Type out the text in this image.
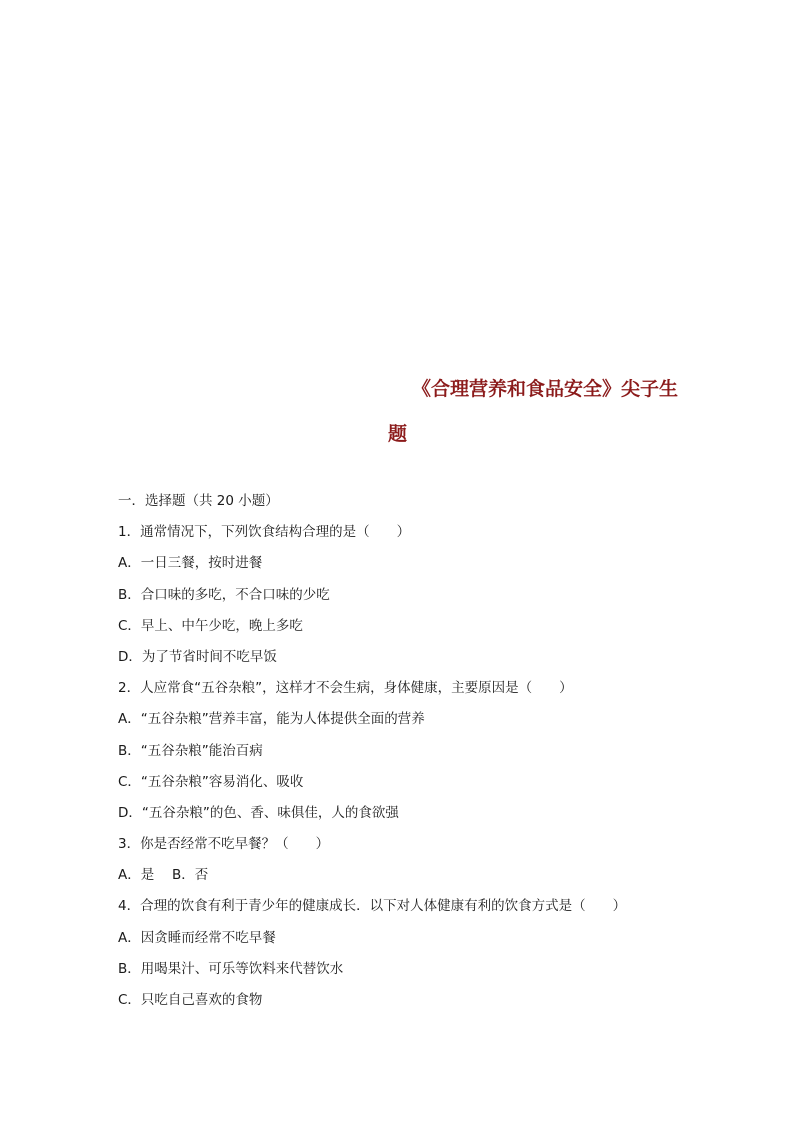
《合理营养和食品安全》尖子生
题
一．选择题（共 20 小题）
1．通常情况下，下列饮食结构合理的是（　　）
A．一日三餐，按时进餐
B．合口味的多吃，不合口味的少吃
C．早上、中午少吃，晚上多吃
D．为了节省时间不吃早饭
2．人应常食“五谷杂粮”，这样才不会生病，身体健康，主要原因是（　　）
A．“五谷杂粮”营养丰富，能为人体提供全面的营养
B．“五谷杂粮”能治百病
C．“五谷杂粮”容易消化、吸收
D．“五谷杂粮”的色、香、味俱佳，人的食欲强
3．你是否经常不吃早餐？（　　）
A．是　 B．否
4．合理的饮食有利于青少年的健康成长．以下对人体健康有利的饮食方式是（　　）
A．因贪睡而经常不吃早餐
B．用喝果汁、可乐等饮料来代替饮水
C．只吃自己喜欢的食物
